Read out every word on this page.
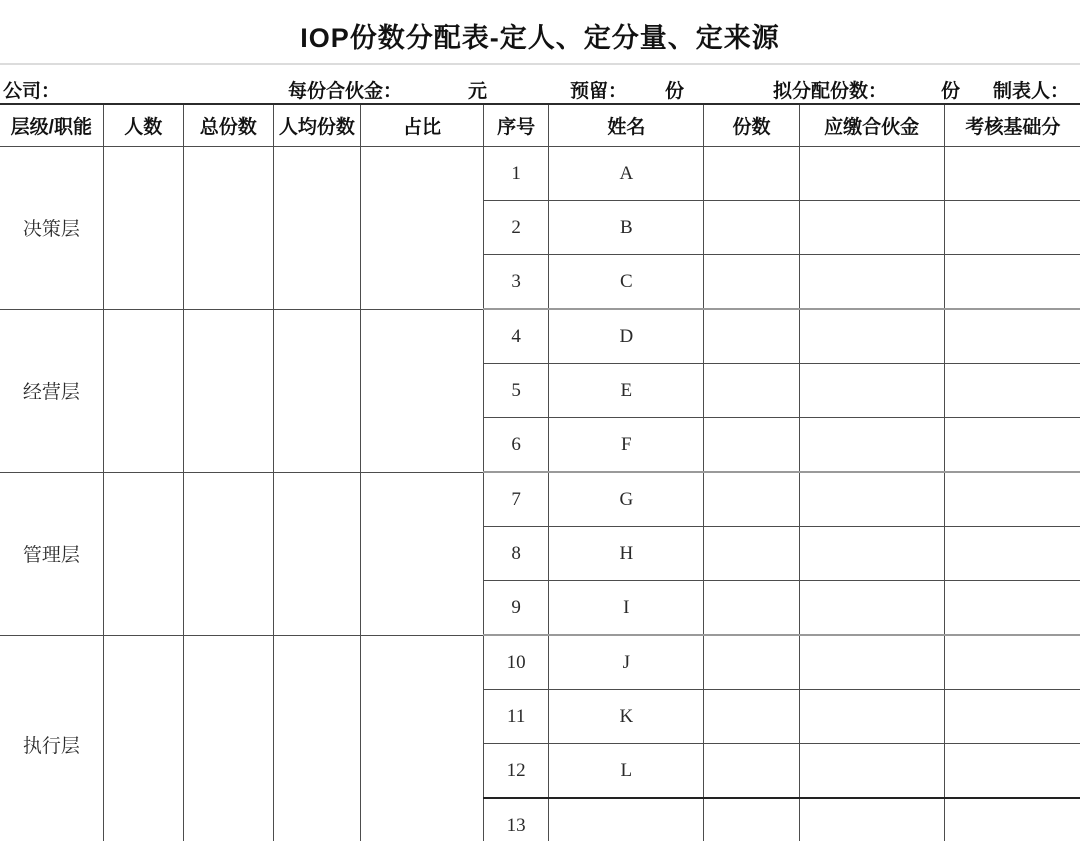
IOP份数分配表-定人、定分量、定来源
公司：	每份合伙金：	元	预留： 份	拟分配份数：	份 制表人：
层级/职能	人数	总份数	人均份数	占比	序号	姓名	份数	应缴合伙金	考核基础分
决策层					1	A			
					2	B			
					3	C			
经营层					4	D			
					5	E			
					6	F			
管理层					7	G			
					8	H			
					9	I			
执行层					10	J			
					11	K			
					12	L			
					13				
